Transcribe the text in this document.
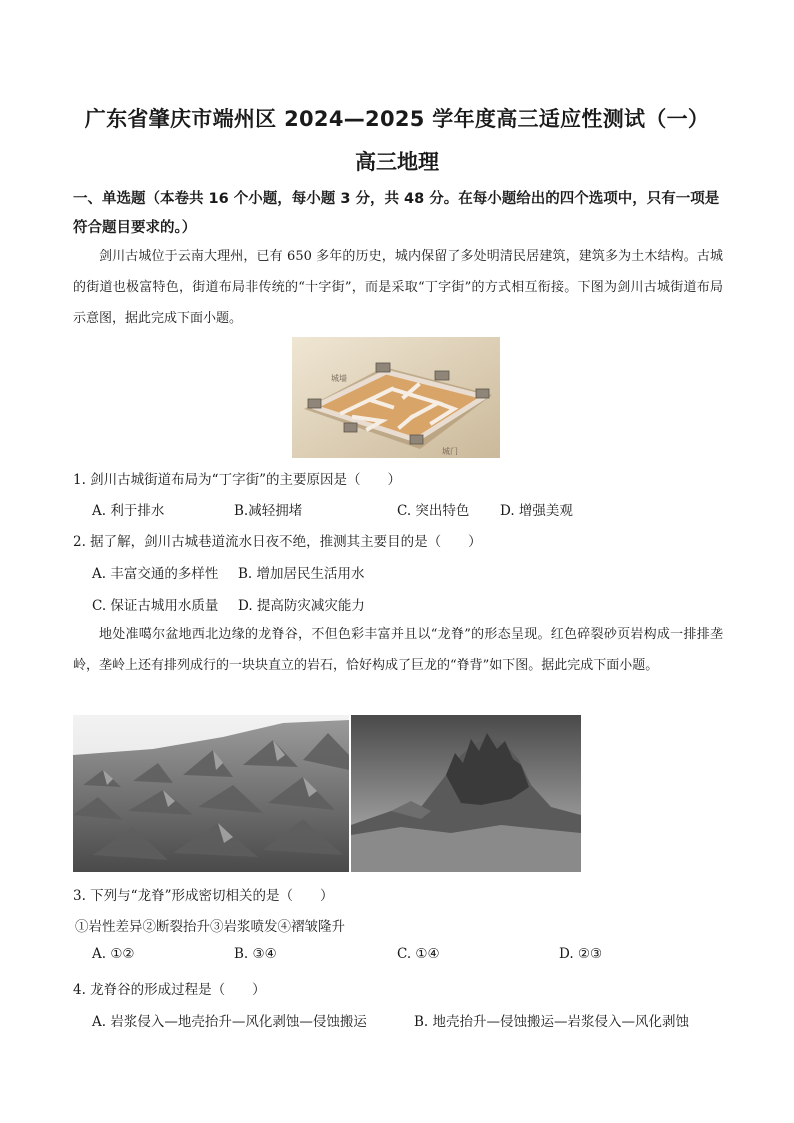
广东省肇庆市端州区 2024—2025 学年度高三适应性测试（一）
高三地理
一、单选题（本卷共 16 个小题，每小题 3 分，共 48 分。在每小题给出的四个选项中，只有一项是符合题目要求的。）
剑川古城位于云南大理州，已有 650 多年的历史，城内保留了多处明清民居建筑，建筑多为土木结构。古城的街道也极富特色，街道布局非传统的“十字街”，而是采取“丁字街”的方式相互衔接。下图为剑川古城街道布局示意图，据此完成下面小题。
城墙
城门
1. 剑川古城街道布局为“丁字街”的主要原因是（　　）
A. 利于排水	B.减轻拥堵	C. 突出特色 D. 增强美观
2. 据了解，剑川古城巷道流水日夜不绝，推测其主要目的是（　　）
A. 丰富交通的多样性 B. 增加居民生活用水
C. 保证古城用水质量 D. 提高防灾减灾能力
地处准噶尔盆地西北边缘的龙脊谷，不但色彩丰富并且以“龙脊”的形态呈现。红色碎裂砂页岩构成一排排垄岭，垄岭上还有排列成行的一块块直立的岩石，恰好构成了巨龙的“脊背”如下图。据此完成下面小题。
3. 下列与“龙脊”形成密切相关的是（　　）
①岩性差异②断裂抬升③岩浆喷发④褶皱隆升
A. ①②	B. ③④	C. ①④	D. ②③
4. 龙脊谷的形成过程是（　　）
A. 岩浆侵入—地壳抬升—风化剥蚀—侵蚀搬运	B. 地壳抬升—侵蚀搬运—岩浆侵入—风化剥蚀
